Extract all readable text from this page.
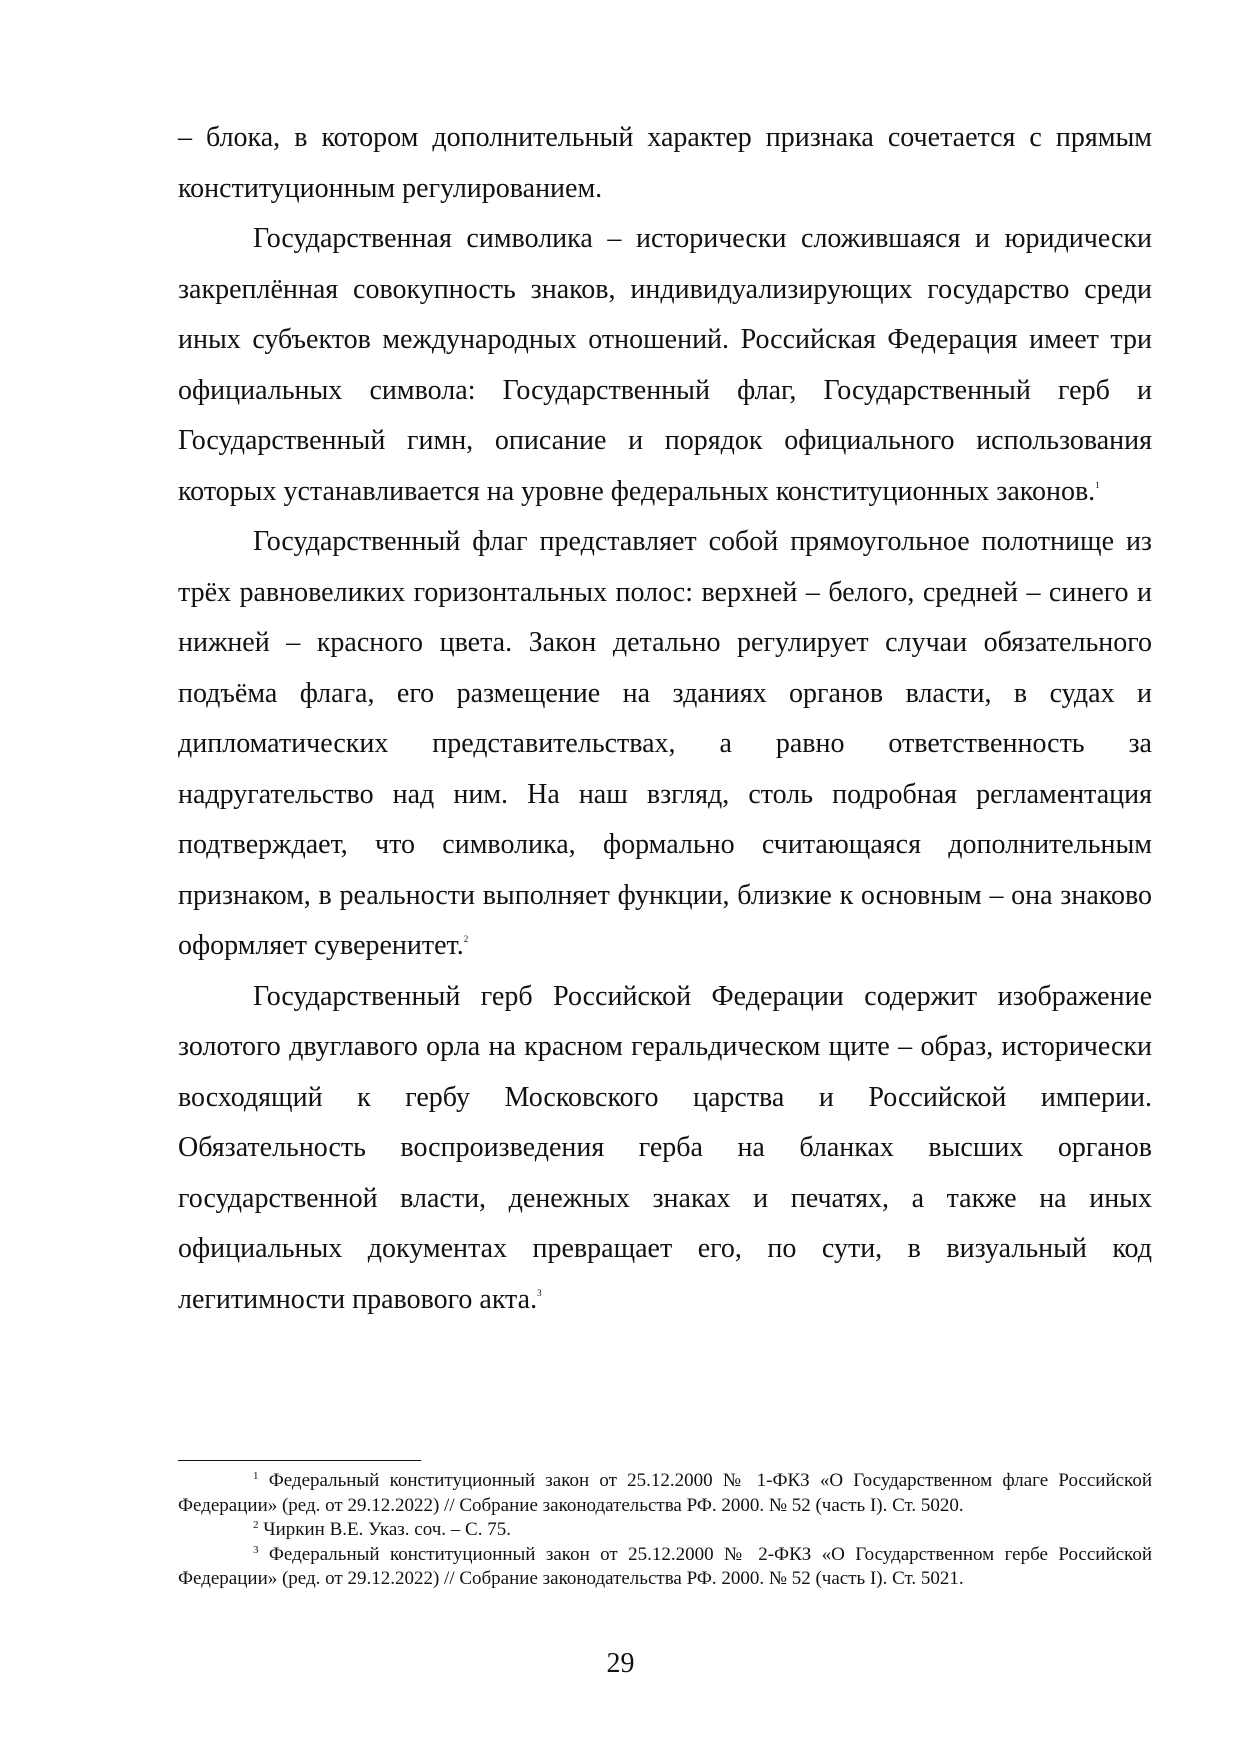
– блока, в котором дополнительный характер признака сочетается с прямым конституционным регулированием.

Государственная символика – исторически сложившаяся и юридически закреплённая совокупность знаков, индивидуализирующих государство среди иных субъектов международных отношений. Российская Федерация имеет три официальных символа: Государственный флаг, Государственный герб и Государственный гимн, описание и порядок официального использования которых устанавливается на уровне федеральных конституционных законов.$^1$

Государственный флаг представляет собой прямоугольное полотнище из трёх равновеликих горизонтальных полос: верхней – белого, средней – синего и нижней – красного цвета. Закон детально регулирует случаи обязательного подъёма флага, его размещение на зданиях органов власти, в судах и дипломатических представительствах, а равно ответственность за надругательство над ним. На наш взгляд, столь подробная регламентация подтверждает, что символика, формально считающаяся дополнительным признаком, в реальности выполняет функции, близкие к основным – она знаково оформляет суверенитет.$^2$

Государственный герб Российской Федерации содержит изображение золотого двуглавого орла на красном геральдическом щите – образ, исторически восходящий к гербу Московского царства и Российской империи. Обязательность воспроизведения герба на бланках высших органов государственной власти, денежных знаках и печатях, а также на иных официальных документах превращает его, по сути, в визуальный код легитимности правового акта.$^3$

$^1$ Федеральный конституционный закон от 25.12.2000 № 1-ФКЗ «О Государственном флаге Российской Федерации» (ред. от 29.12.2022) // Собрание законодательства РФ. 2000. № 52 (часть I). Ст. 5020.

$^2$ Чиркин В.Е. Указ. соч. – С. 75.

$^3$ Федеральный конституционный закон от 25.12.2000 № 2-ФКЗ «О Государственном гербе Российской Федерации» (ред. от 29.12.2022) // Собрание законодательства РФ. 2000. № 52 (часть I). Ст. 5021.

29
